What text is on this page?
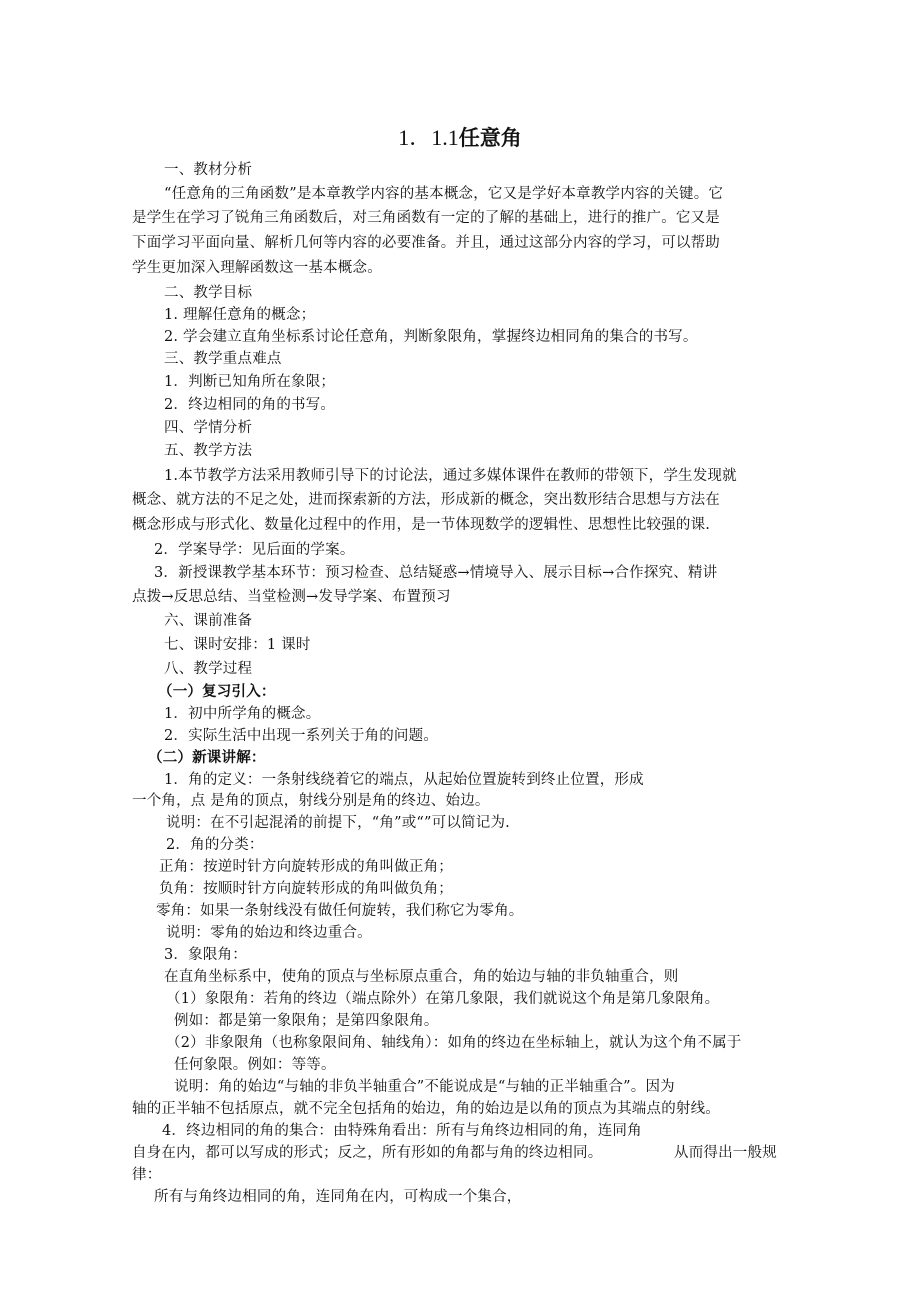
1．1.1任意角
一、教材分析
“任意角的三角函数”是本章教学内容的基本概念，它又是学好本章教学内容的关键。它
是学生在学习了锐角三角函数后，对三角函数有一定的了解的基础上，进行的推广。它又是
下面学习平面向量、解析几何等内容的必要准备。并且，通过这部分内容的学习，可以帮助
学生更加深入理解函数这一基本概念。
二、教学目标
1. 理解任意角的概念；
2. 学会建立直角坐标系讨论任意角，判断象限角，掌握终边相同角的集合的书写。
三、教学重点难点
1．判断已知角所在象限；
2．终边相同的角的书写。
四、学情分析
五、教学方法
1.本节教学方法采用教师引导下的讨论法，通过多媒体课件在教师的带领下，学生发现就
概念、就方法的不足之处，进而探索新的方法，形成新的概念，突出数形结合思想与方法在
概念形成与形式化、数量化过程中的作用，是一节体现数学的逻辑性、思想性比较强的课.
2．学案导学：见后面的学案。
3．新授课教学基本环节：预习检查、总结疑惑→情境导入、展示目标→合作探究、精讲
点拨→反思总结、当堂检测→发导学案、布置预习
六、课前准备
七、课时安排：1 课时
八、教学过程
（一）复习引入：
1．初中所学角的概念。
2．实际生活中出现一系列关于角的问题。
（二）新课讲解：
1．角的定义：一条射线绕着它的端点，从起始位置旋转到终止位置，形成
一个角，点 是角的顶点，射线分别是角的终边、始边。
说明：在不引起混淆的前提下，“角”或“”可以简记为.
2．角的分类：
正角：按逆时针方向旋转形成的角叫做正角；
负角：按顺时针方向旋转形成的角叫做负角；
零角：如果一条射线没有做任何旋转，我们称它为零角。
说明：零角的始边和终边重合。
3．象限角：
在直角坐标系中，使角的顶点与坐标原点重合，角的始边与轴的非负轴重合，则
（1）象限角：若角的终边（端点除外）在第几象限，我们就说这个角是第几象限角。
例如：都是第一象限角；是第四象限角。
（2）非象限角（也称象限间角、轴线角）：如角的终边在坐标轴上，就认为这个角不属于
任何象限。例如：等等。
说明：角的始边“与轴的非负半轴重合”不能说成是“与轴的正半轴重合”。因为
轴的正半轴不包括原点，就不完全包括角的始边，角的始边是以角的顶点为其端点的射线。
4．终边相同的角的集合：由特殊角看出：所有与角终边相同的角，连同角
自身在内，都可以写成的形式；反之，所有形如的角都与角的终边相同。	从而得出一般规
律：
所有与角终边相同的角，连同角在内，可构成一个集合，
